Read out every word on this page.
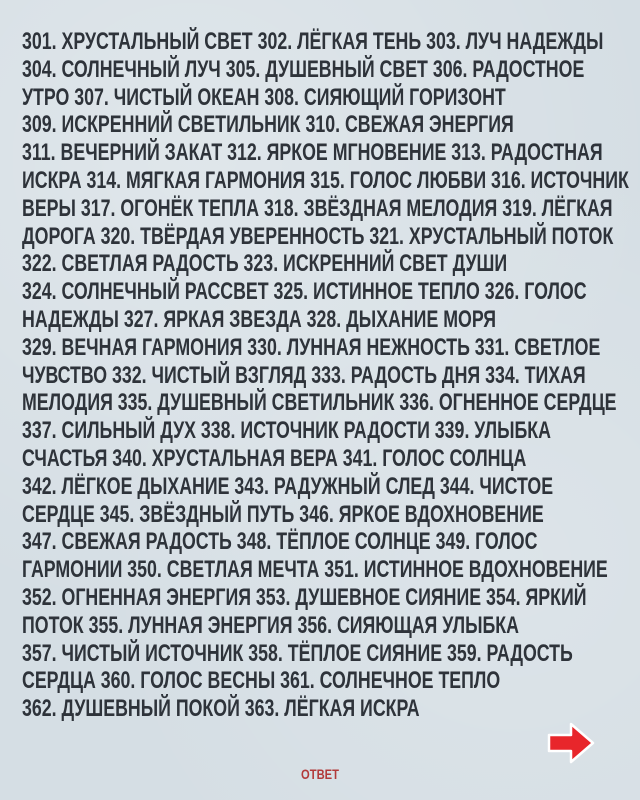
301. ХРУСТАЛЬНЫЙ СВЕТ 302. ЛЁГКАЯ ТЕНЬ 303. ЛУЧ НАДЕЖДЫ
304. СОЛНЕЧНЫЙ ЛУЧ 305. ДУШЕВНЫЙ СВЕТ 306. РАДОСТНОЕ
УТРО 307. ЧИСТЫЙ ОКЕАН 308. СИЯЮЩИЙ ГОРИЗОНТ
309. ИСКРЕННИЙ СВЕТИЛЬНИК 310. СВЕЖАЯ ЭНЕРГИЯ
311. ВЕЧЕРНИЙ ЗАКАТ 312. ЯРКОЕ МГНОВЕНИЕ 313. РАДОСТНАЯ
ИСКРА 314. МЯГКАЯ ГАРМОНИЯ 315. ГОЛОС ЛЮБВИ 316. ИСТОЧНИК
ВЕРЫ 317. ОГОНЁК ТЕПЛА 318. ЗВЁЗДНАЯ МЕЛОДИЯ 319. ЛЁГКАЯ
ДОРОГА 320. ТВЁРДАЯ УВЕРЕННОСТЬ 321. ХРУСТАЛЬНЫЙ ПОТОК
322. СВЕТЛАЯ РАДОСТЬ 323. ИСКРЕННИЙ СВЕТ ДУШИ
324. СОЛНЕЧНЫЙ РАССВЕТ 325. ИСТИННОЕ ТЕПЛО 326. ГОЛОС
НАДЕЖДЫ 327. ЯРКАЯ ЗВЕЗДА 328. ДЫХАНИЕ МОРЯ
329. ВЕЧНАЯ ГАРМОНИЯ 330. ЛУННАЯ НЕЖНОСТЬ 331. СВЕТЛОЕ
ЧУВСТВО 332. ЧИСТЫЙ ВЗГЛЯД 333. РАДОСТЬ ДНЯ 334. ТИХАЯ
МЕЛОДИЯ 335. ДУШЕВНЫЙ СВЕТИЛЬНИК 336. ОГНЕННОЕ СЕРДЦЕ
337. СИЛЬНЫЙ ДУХ 338. ИСТОЧНИК РАДОСТИ 339. УЛЫБКА
СЧАСТЬЯ 340. ХРУСТАЛЬНАЯ ВЕРА 341. ГОЛОС СОЛНЦА
342. ЛЁГКОЕ ДЫХАНИЕ 343. РАДУЖНЫЙ СЛЕД 344. ЧИСТОЕ
СЕРДЦЕ 345. ЗВЁЗДНЫЙ ПУТЬ 346. ЯРКОЕ ВДОХНОВЕНИЕ
347. СВЕЖАЯ РАДОСТЬ 348. ТЁПЛОЕ СОЛНЦЕ 349. ГОЛОС
ГАРМОНИИ 350. СВЕТЛАЯ МЕЧТА 351. ИСТИННОЕ ВДОХНОВЕНИЕ
352. ОГНЕННАЯ ЭНЕРГИЯ 353. ДУШЕВНОЕ СИЯНИЕ 354. ЯРКИЙ
ПОТОК 355. ЛУННАЯ ЭНЕРГИЯ 356. СИЯЮЩАЯ УЛЫБКА
357. ЧИСТЫЙ ИСТОЧНИК 358. ТЁПЛОЕ СИЯНИЕ 359. РАДОСТЬ
СЕРДЦА 360. ГОЛОС ВЕСНЫ 361. СОЛНЕЧНОЕ ТЕПЛО
362. ДУШЕВНЫЙ ПОКОЙ 363. ЛЁГКАЯ ИСКРА
ОТВЕТ
